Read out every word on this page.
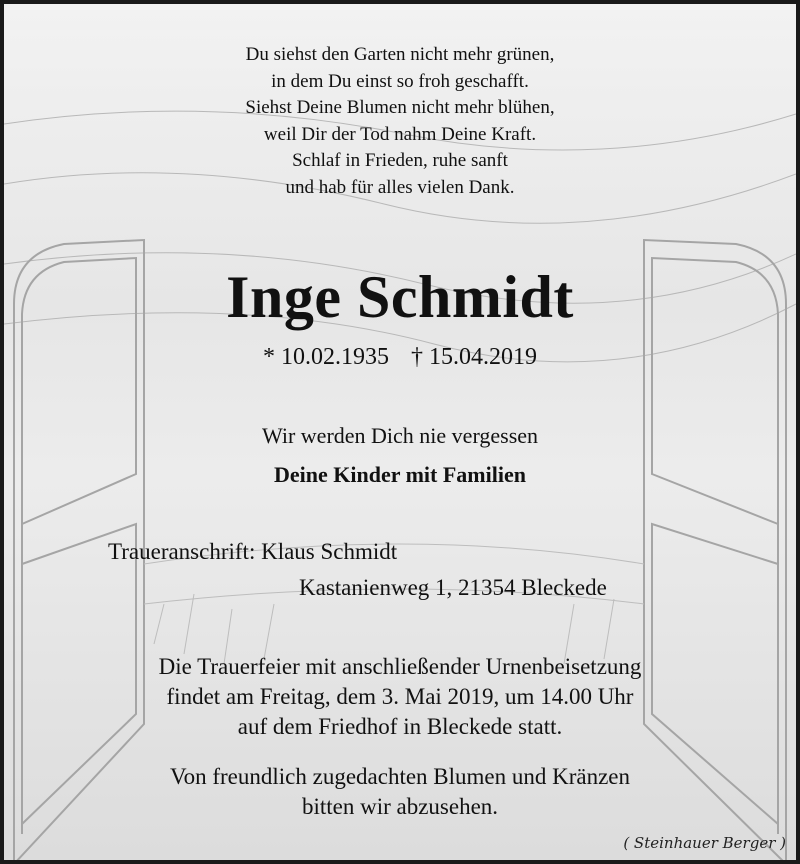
Du siehst den Garten nicht mehr grünen,
in dem Du einst so froh geschafft.
Siehst Deine Blumen nicht mehr blühen,
weil Dir der Tod nahm Deine Kraft.
Schlaf in Frieden, ruhe sanft
und hab für alles vielen Dank.
Inge Schmidt
* 10.02.1935 † 15.04.2019
Wir werden Dich nie vergessen
Deine Kinder mit Familien
Traueranschrift: Klaus Schmidt
Kastanienweg 1, 21354 Bleckede
Die Trauerfeier mit anschließender Urnenbeisetzung
findet am Freitag, dem 3. Mai 2019, um 14.00 Uhr
auf dem Friedhof in Bleckede statt.
Von freundlich zugedachten Blumen und Kränzen
bitten wir abzusehen.
( Steinhauer Berger )
